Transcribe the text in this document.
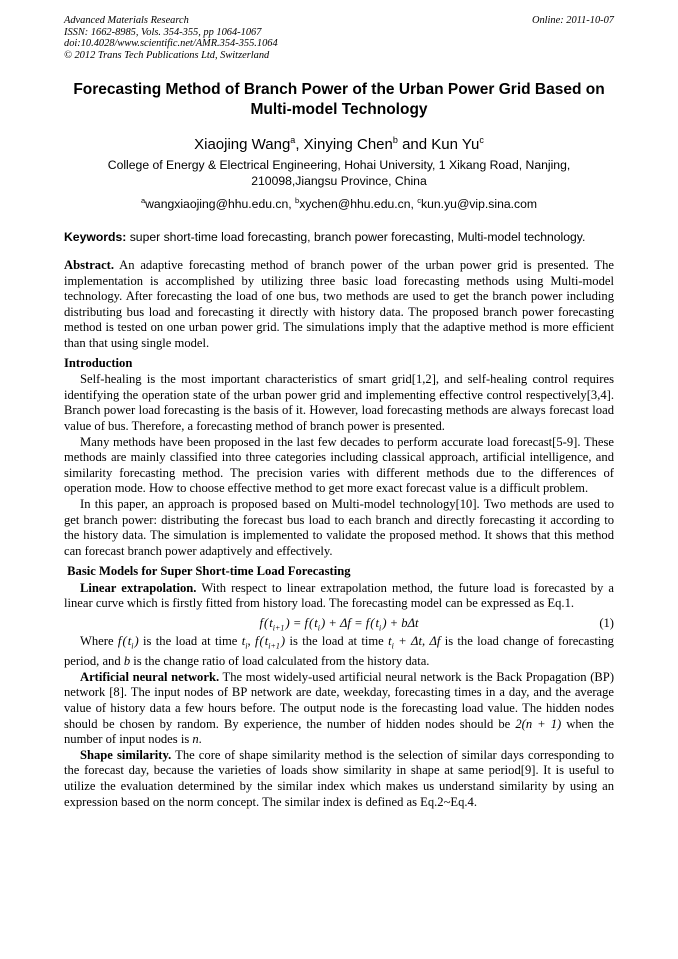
Advanced Materials Research
ISSN: 1662-8985, Vols. 354-355, pp 1064-1067
doi:10.4028/www.scientific.net/AMR.354-355.1064
© 2012 Trans Tech Publications Ltd, Switzerland
Online: 2011-10-07
Forecasting Method of Branch Power of the Urban Power Grid Based on
Multi-model Technology
Xiaojing Wang$^a$, Xinying Chen$^b$ and Kun Yu$^c$
College of Energy & Electrical Engineering, Hohai University, 1 Xikang Road, Nanjing,
210098,Jiangsu Province, China
$^a$wangxiaojing@hhu.edu.cn, $^b$xychen@hhu.edu.cn, $^c$kun.yu@vip.sina.com
Keywords: super short-time load forecasting, branch power forecasting, Multi-model technology.

Abstract. An adaptive forecasting method of branch power of the urban power grid is presented. The implementation is accomplished by utilizing three basic load forecasting methods using Multi-model technology. After forecasting the load of one bus, two methods are used to get the branch power including distributing bus load and forecasting it directly with history data. The proposed branch power forecasting method is tested on one urban power grid. The simulations imply that the adaptive method is more efficient than that using single model.

Introduction

Self-healing is the most important characteristics of smart grid[1,2], and self-healing control requires identifying the operation state of the urban power grid and implementing effective control respectively[3,4]. Branch power load forecasting is the basis of it. However, load forecasting methods are always forecast load value of bus. Therefore, a forecasting method of branch power is presented.

Many methods have been proposed in the last few decades to perform accurate load forecast[5-9]. These methods are mainly classified into three categories including classical approach, artificial intelligence, and similarity forecasting method. The precision varies with different methods due to the differences of operation mode. How to choose effective method to get more exact forecast value is a difficult problem.

In this paper, an approach is proposed based on Multi-model technology[10]. Two methods are used to get branch power: distributing the forecast bus load to each branch and directly forecasting it according to the history data. The simulation is implemented to validate the proposed method. It shows that this method can forecast branch power adaptively and effectively.

Basic Models for Super Short-time Load Forecasting

Linear extrapolation. With respect to linear extrapolation method, the future load is forecasted by a linear curve which is firstly fitted from history load. The forecasting model can be expressed as Eq.1.

f ( $t_{i+1}$ ) = f ( $t_i$ ) + Δf = f ( $t_i$ ) + bΔt	(1)

Where f ( $t_i$ ) is the load at time $t_i$, f ( $t_{i+1}$ ) is the load at time $t_i + \Delta t$, Δf is the load change of forecasting period, and b is the change ratio of load calculated from the history data.

Artificial neural network. The most widely-used artificial neural network is the Back Propagation (BP) network [8]. The input nodes of BP network are date, weekday, forecasting times in a day, and the average value of history data a few hours before. The output node is the forecasting load value. The hidden nodes should be chosen by random. By experience, the number of hidden nodes should be 2(n + 1) when the number of input nodes is n.

Shape similarity. The core of shape similarity method is the selection of similar days corresponding to the forecast day, because the varieties of loads show similarity in shape at same period[9]. It is useful to utilize the evaluation determined by the similar index which makes us understand similarity by using an expression based on the norm concept. The similar index is defined as Eq.2~Eq.4.
